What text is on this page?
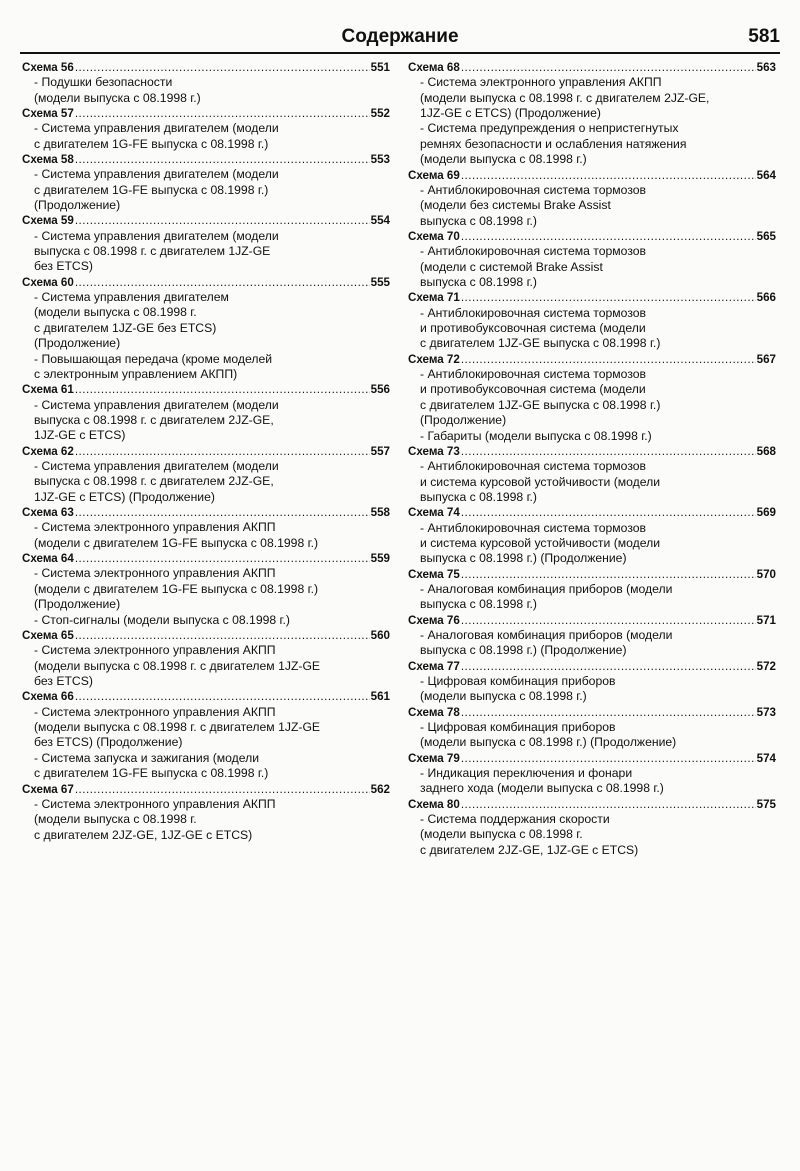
Содержание	581
Схема 56 .....	551
- Подушки безопасности
(модели выпуска с 08.1998 г.)
Схема 57 .....	552
- Система управления двигателем (модели
с двигателем 1G-FE выпуска с 08.1998 г.)
Схема 58 .....	553
- Система управления двигателем (модели
с двигателем 1G-FE выпуска с 08.1998 г.)
(Продолжение)
Схема 59 .....	554
- Система управления двигателем (модели
выпуска с 08.1998 г. с двигателем 1JZ-GE
без ETCS)
Схема 60 .....	555
- Система управления двигателем
(модели выпуска с 08.1998 г.
с двигателем 1JZ-GE без ETCS)
(Продолжение)
- Повышающая передача (кроме моделей
с электронным управлением АКПП)
Схема 61 .....	556
- Система управления двигателем (модели
выпуска с 08.1998 г. с двигателем 2JZ-GE,
1JZ-GE с ETCS)
Схема 62 .....	557
- Система управления двигателем (модели
выпуска с 08.1998 г. с двигателем 2JZ-GE,
1JZ-GE с ETCS) (Продолжение)
Схема 63 .....	558
- Система электронного управления АКПП
(модели с двигателем 1G-FE выпуска с 08.1998 г.)
Схема 64 .....	559
- Система электронного управления АКПП
(модели с двигателем 1G-FE выпуска с 08.1998 г.)
(Продолжение)
- Стоп-сигналы (модели выпуска с 08.1998 г.)
Схема 65 .....	560
- Система электронного управления АКПП
(модели выпуска с 08.1998 г. с двигателем 1JZ-GE
без ETCS)
Схема 66 .....	561
- Система электронного управления АКПП
(модели выпуска с 08.1998 г. с двигателем 1JZ-GE
без ETCS) (Продолжение)
- Система запуска и зажигания (модели
с двигателем 1G-FE выпуска с 08.1998 г.)
Схема 67 .....	562
- Система электронного управления АКПП
(модели выпуска с 08.1998 г.
с двигателем 2JZ-GE, 1JZ-GE с ETCS)
Схема 68 .....	563
- Система электронного управления АКПП
(модели выпуска с 08.1998 г. с двигателем 2JZ-GE,
1JZ-GE с ETCS) (Продолжение)
- Система предупреждения о непристегнутых
ремнях безопасности и ослабления натяжения
(модели выпуска с 08.1998 г.)
Схема 69 .....	564
- Антиблокировочная система тормозов
(модели без системы Brake Assist
выпуска с 08.1998 г.)
Схема 70 .....	565
- Антиблокировочная система тормозов
(модели с системой Brake Assist
выпуска с 08.1998 г.)
Схема 71 .....	566
- Антиблокировочная система тормозов
и противобуксовочная система (модели
с двигателем 1JZ-GE выпуска с 08.1998 г.)
Схема 72 .....	567
- Антиблокировочная система тормозов
и противобуксовочная система (модели
с двигателем 1JZ-GE выпуска с 08.1998 г.)
(Продолжение)
- Габариты (модели выпуска с 08.1998 г.)
Схема 73 .....	568
- Антиблокировочная система тормозов
и система курсовой устойчивости (модели
выпуска с 08.1998 г.)
Схема 74 .....	569
- Антиблокировочная система тормозов
и система курсовой устойчивости (модели
выпуска с 08.1998 г.) (Продолжение)
Схема 75 .....	570
- Аналоговая комбинация приборов (модели
выпуска с 08.1998 г.)
Схема 76 .....	571
- Аналоговая комбинация приборов (модели
выпуска с 08.1998 г.) (Продолжение)
Схема 77 .....	572
- Цифровая комбинация приборов
(модели выпуска с 08.1998 г.)
Схема 78 .....	573
- Цифровая комбинация приборов
(модели выпуска с 08.1998 г.) (Продолжение)
Схема 79 .....	574
- Индикация переключения и фонари
заднего хода (модели выпуска с 08.1998 г.)
Схема 80 .....	575
- Система поддержания скорости
(модели выпуска с 08.1998 г.
с двигателем 2JZ-GE, 1JZ-GE с ETCS)
